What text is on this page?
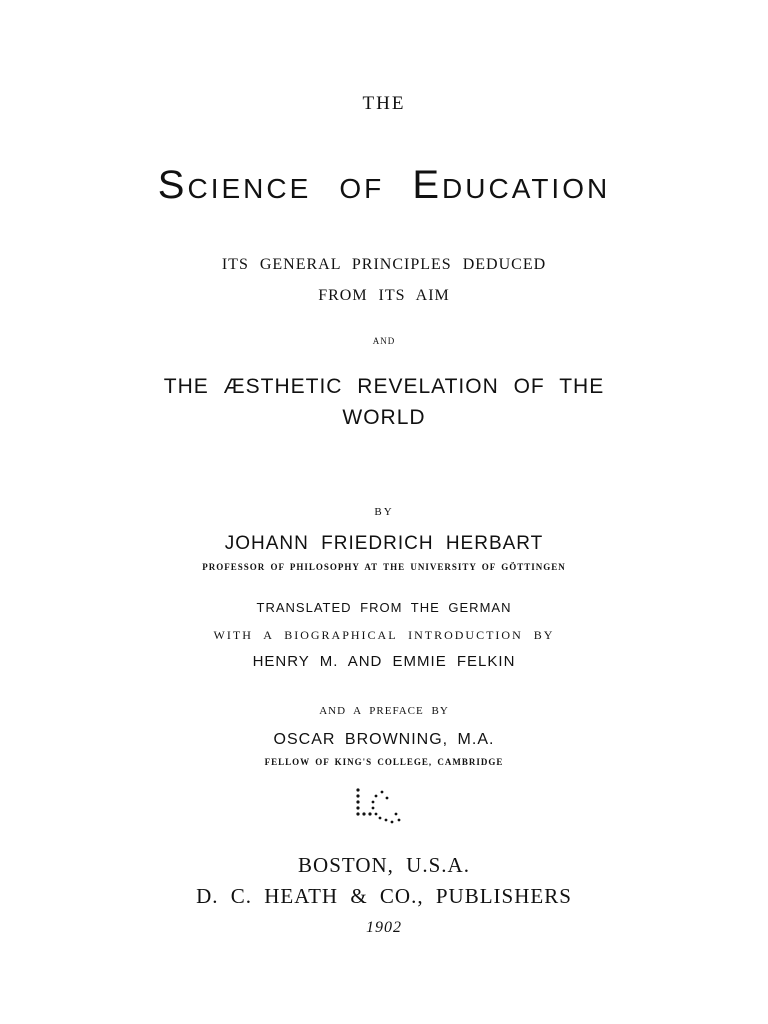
THE
Science of Education
ITS GENERAL PRINCIPLES DEDUCED
FROM ITS AIM
AND
THE ÆSTHETIC REVELATION OF THE
WORLD
BY
JOHANN FRIEDRICH HERBART
PROFESSOR OF PHILOSOPHY AT THE UNIVERSITY OF GÖTTINGEN
TRANSLATED FROM THE GERMAN
WITH A BIOGRAPHICAL INTRODUCTION BY
HENRY M. AND EMMIE FELKIN
AND A PREFACE BY
OSCAR BROWNING, M.A.
FELLOW OF KING'S COLLEGE, CAMBRIDGE
BOSTON, U.S.A.
D. C. HEATH & CO., PUBLISHERS
1902
